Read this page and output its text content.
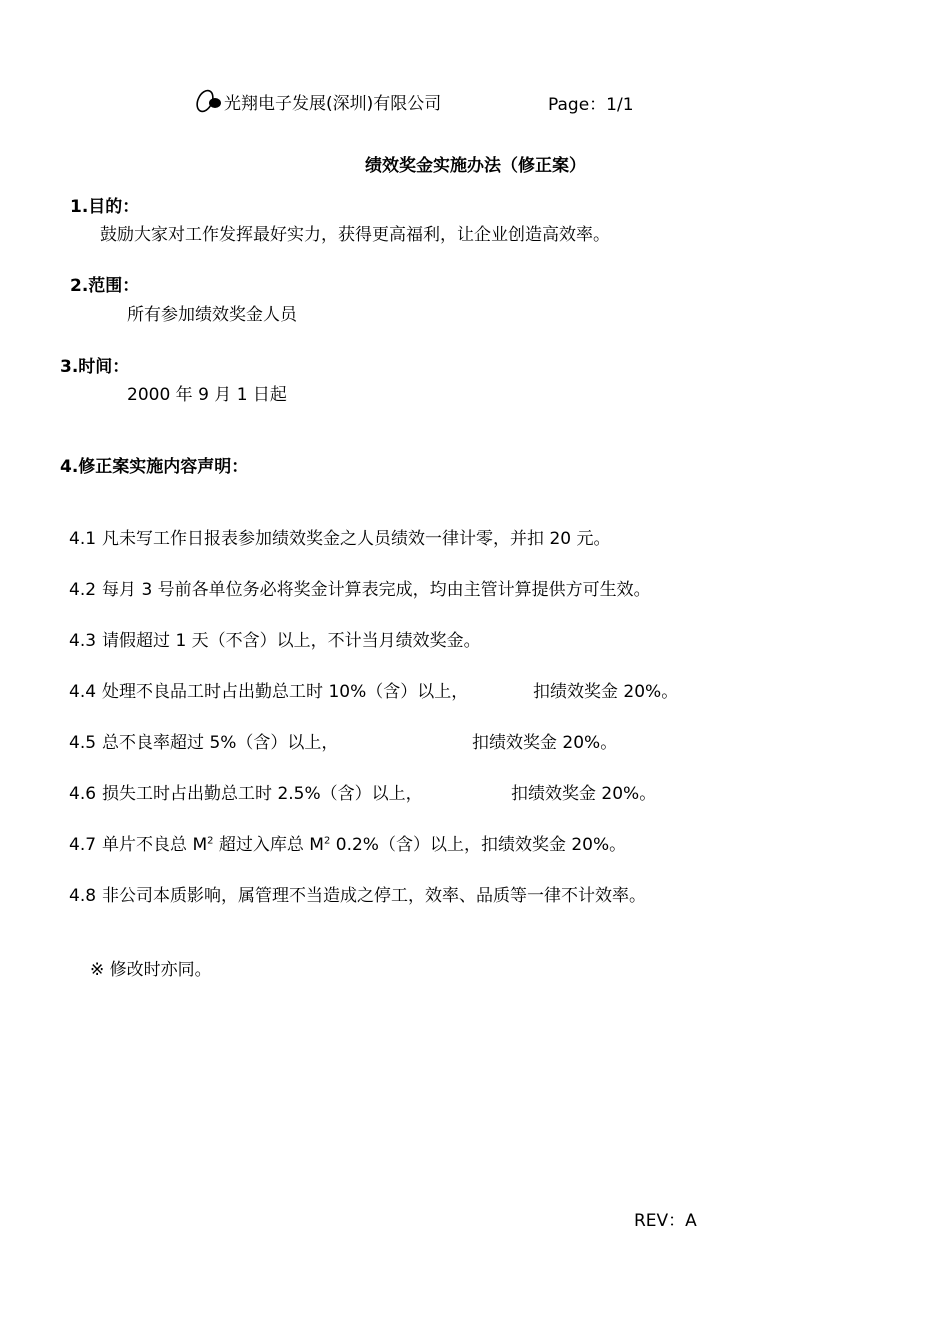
光翔电子发展(深圳)有限公司	Page：1/1
绩效奖金实施办法（修正案）
1.目的：
鼓励大家对工作发挥最好实力，获得更高福利，让企业创造高效率。
2.范围：
所有参加绩效奖金人员
3.时间：
2000 年 9 月 1 日起
4.修正案实施内容声明：
4.1 凡未写工作日报表参加绩效奖金之人员绩效一律计零，并扣 20 元。
4.2 每月 3 号前各单位务必将奖金计算表完成，均由主管计算提供方可生效。
4.3 请假超过 1 天（不含）以上，不计当月绩效奖金。
4.4 处理不良品工时占出勤总工时 10%（含）以上，	扣绩效奖金 20%。
4.5 总不良率超过 5%（含）以上，	扣绩效奖金 20%。
4.6 损失工时占出勤总工时 2.5%（含）以上，	扣绩效奖金 20%。
4.7 单片不良总 $M^2$ 超过入库总 $M^2$ 0.2%（含）以上，扣绩效奖金 20%。
4.8 非公司本质影响，属管理不当造成之停工，效率、品质等一律不计效率。
※ 修改时亦同。
REV：A
